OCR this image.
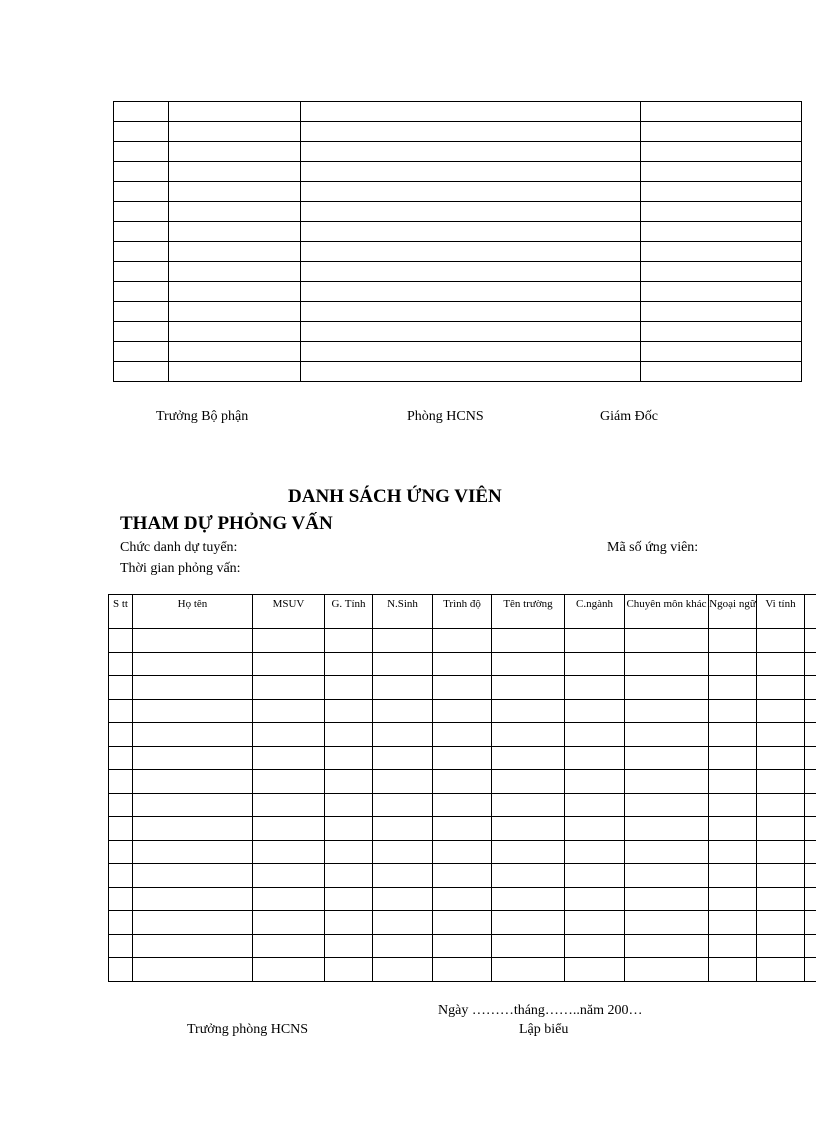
Trưởng Bộ phận	Phòng HCNS	Giám Đốc
DANH SÁCH ỨNG VIÊN
THAM DỰ PHỎNG VẤN
Chức danh dự tuyển:	Mã số ứng viên:
Thời gian phỏng vấn:
S tt	Họ tên	MSUV	G. Tính	N.Sinh	Trình độ	Tên trường	C.ngành	Chuyên môn khác	Ngoại ngữ	Vi tính	

Ngày ………tháng……..năm 200…
Trưởng phòng HCNS	Lập biểu
